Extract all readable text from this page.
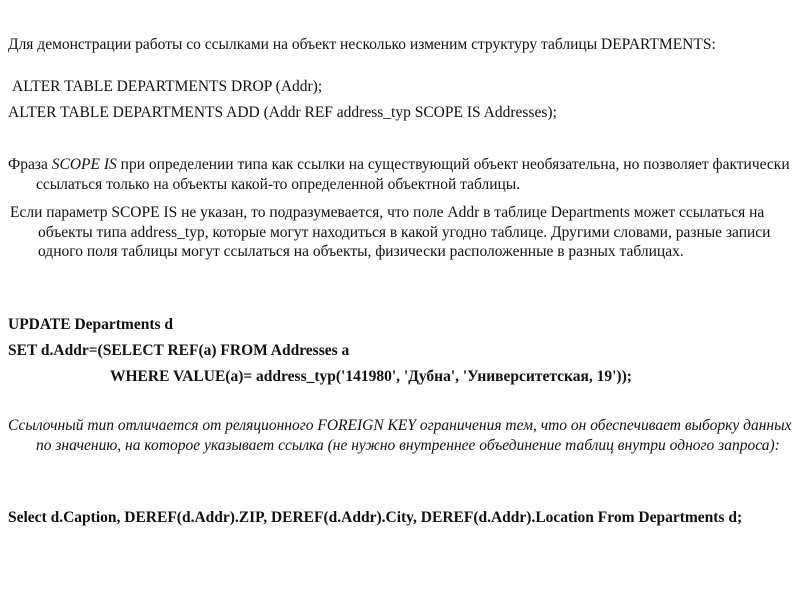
Для демонстрации работы со ссылками на объект несколько изменим структуру таблицы DEPARTMENTS:

ALTER TABLE DEPARTMENTS DROP (Addr);

ALTER TABLE DEPARTMENTS ADD (Addr REF address_typ SCOPE IS Addresses);

Фраза SCOPE IS при определении типа как ссылки на существующий объект необязательна, но позволяет фактически ссылаться только на объекты какой-то определенной объектной таблицы.

Если параметр SCOPE IS не указан, то подразумевается, что поле Addr в таблице Departments может ссылаться на объекты типа address_typ, которые могут находиться в какой угодно таблице. Другими словами, разные записи одного поля таблицы могут ссылаться на объекты, физически расположенные в разных таблицах.

UPDATE Departments d

SET d.Addr=(SELECT REF(a) FROM Addresses a

WHERE VALUE(a)= address_typ('141980', 'Дубна', 'Университетская, 19'));

Ссылочный тип отличается от реляционного FOREIGN KEY ограничения тем, что он обеспечивает выборку данных по значению, на которое указывает ссылка (не нужно внутреннее объединение таблиц внутри одного запроса):

Select d.Caption, DEREF(d.Addr).ZIP, DEREF(d.Addr).City, DEREF(d.Addr).Location From Departments d;
